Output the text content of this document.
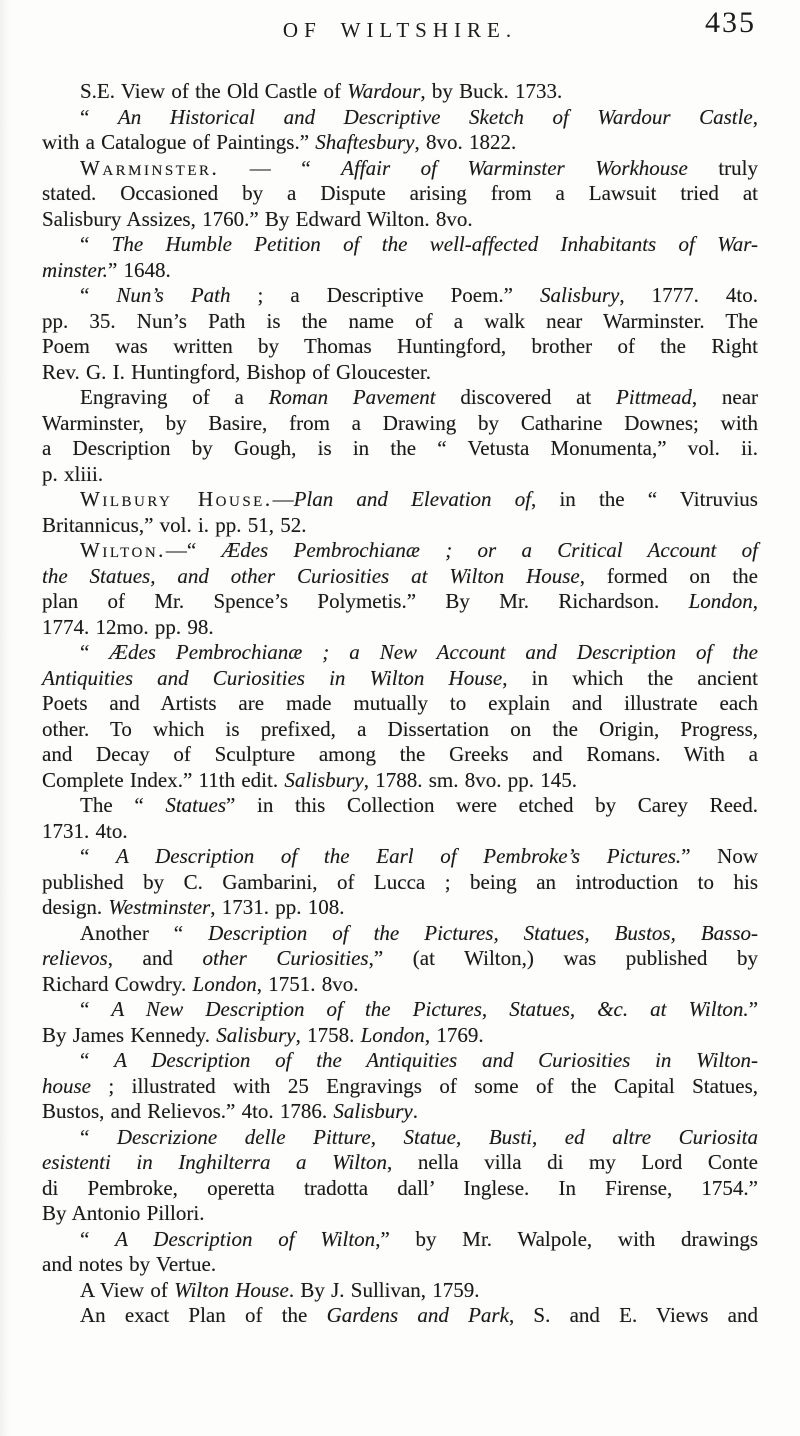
OF WILTSHIRE.	435
S.E. View of the Old Castle of Wardour, by Buck. 1733.
“ An Historical and Descriptive Sketch of Wardour Castle,
with a Catalogue of Paintings.” Shaftesbury, 8vo. 1822.
Warminster. — “ Affair of Warminster Workhouse truly
stated. Occasioned by a Dispute arising from a Lawsuit tried at
Salisbury Assizes, 1760.” By Edward Wilton. 8vo.
“ The Humble Petition of the well-affected Inhabitants of War-
minster.” 1648.
“ Nun’s Path ; a Descriptive Poem.” Salisbury, 1777. 4to.
pp. 35. Nun’s Path is the name of a walk near Warminster. The
Poem was written by Thomas Huntingford, brother of the Right
Rev. G. I. Huntingford, Bishop of Gloucester.
Engraving of a Roman Pavement discovered at Pittmead, near
Warminster, by Basire, from a Drawing by Catharine Downes; with
a Description by Gough, is in the “ Vetusta Monumenta,” vol. ii.
p. xliii.
Wilbury House.—Plan and Elevation of, in the “ Vitruvius
Britannicus,” vol. i. pp. 51, 52.
Wilton.—“ Ædes Pembrochianæ ; or a Critical Account of
the Statues, and other Curiosities at Wilton House, formed on the
plan of Mr. Spence’s Polymetis.” By Mr. Richardson. London,
1774. 12mo. pp. 98.
“ Ædes Pembrochianæ ; a New Account and Description of the
Antiquities and Curiosities in Wilton House, in which the ancient
Poets and Artists are made mutually to explain and illustrate each
other. To which is prefixed, a Dissertation on the Origin, Progress,
and Decay of Sculpture among the Greeks and Romans. With a
Complete Index.” 11th edit. Salisbury, 1788. sm. 8vo. pp. 145.
The “ Statues” in this Collection were etched by Carey Reed.
1731. 4to.
“ A Description of the Earl of Pembroke’s Pictures.” Now
published by C. Gambarini, of Lucca ; being an introduction to his
design. Westminster, 1731. pp. 108.
Another “ Description of the Pictures, Statues, Bustos, Basso-
relievos, and other Curiosities,” (at Wilton,) was published by
Richard Cowdry. London, 1751. 8vo.
“ A New Description of the Pictures, Statues, &c. at Wilton.”
By James Kennedy. Salisbury, 1758. London, 1769.
“ A Description of the Antiquities and Curiosities in Wilton-
house ; illustrated with 25 Engravings of some of the Capital Statues,
Bustos, and Relievos.” 4to. 1786. Salisbury.
“ Descrizione delle Pitture, Statue, Busti, ed altre Curiosita
esistenti in Inghilterra a Wilton, nella villa di my Lord Conte
di Pembroke, operetta tradotta dall’ Inglese. In Firense, 1754.”
By Antonio Pillori.
“ A Description of Wilton,” by Mr. Walpole, with drawings
and notes by Vertue.
A View of Wilton House. By J. Sullivan, 1759.
An exact Plan of the Gardens and Park, S. and E. Views and
